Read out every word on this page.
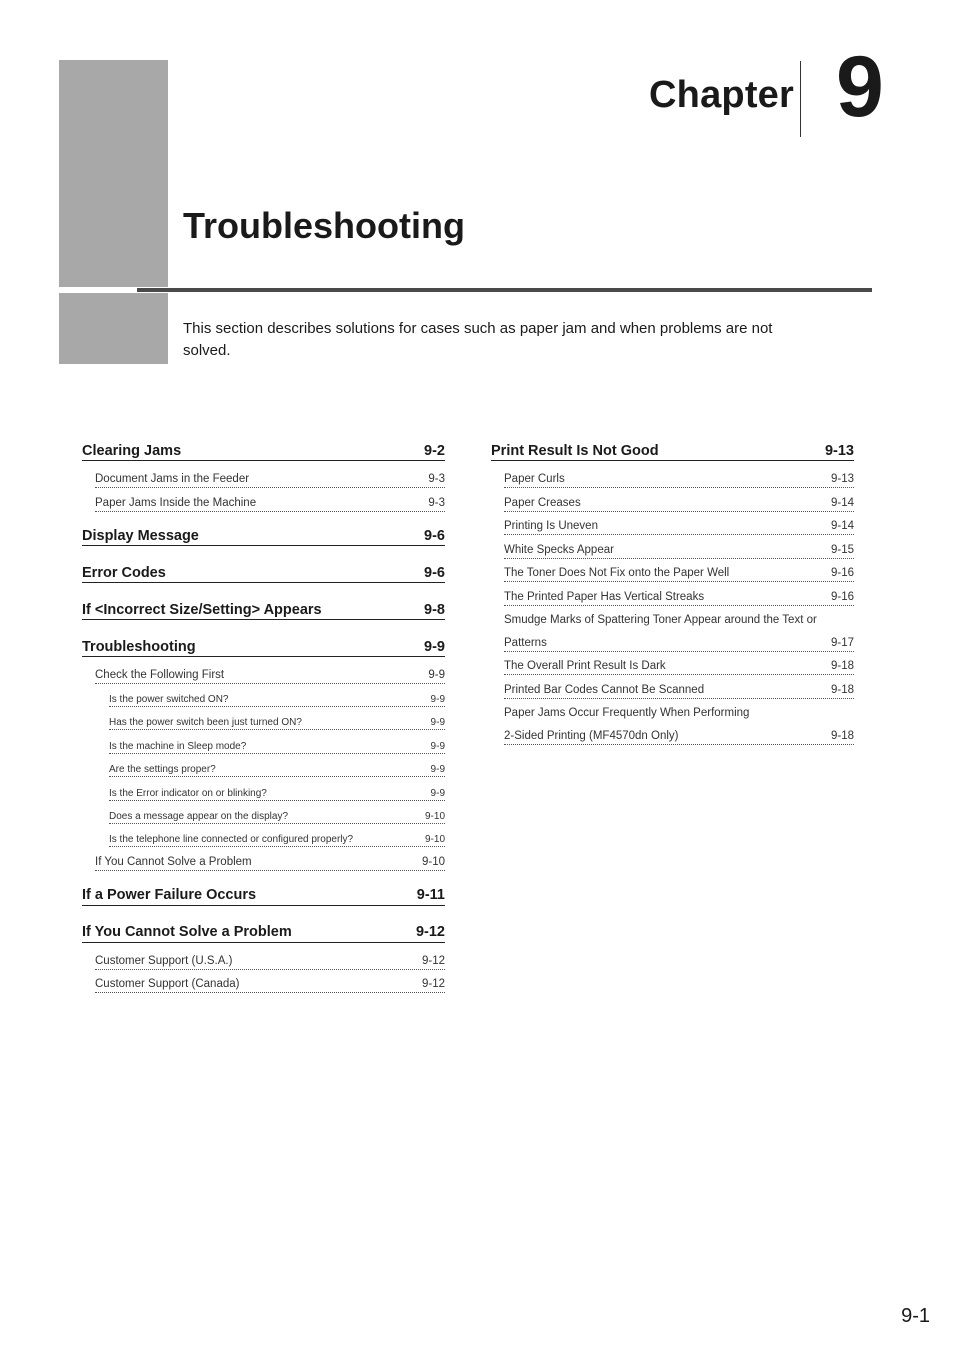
Chapter 9
Troubleshooting

This section describes solutions for cases such as paper jam and when problems are not solved.

Clearing Jams	9-2
Document Jams in the Feeder	9-3
Paper Jams Inside the Machine	9-3
Display Message	9-6
Error Codes	9-6
If <Incorrect Size/Setting> Appears	9-8
Troubleshooting	9-9
Check the Following First	9-9
Is the power switched ON?	9-9
Has the power switch been just turned ON?	9-9
Is the machine in Sleep mode?	9-9
Are the settings proper?	9-9
Is the Error indicator on or blinking?	9-9
Does a message appear on the display?	9-10
Is the telephone line connected or configured properly?	9-10
If You Cannot Solve a Problem	9-10
If a Power Failure Occurs	9-11
If You Cannot Solve a Problem	9-12
Customer Support (U.S.A.)	9-12
Customer Support (Canada)	9-12
Print Result Is Not Good	9-13
Paper Curls	9-13
Paper Creases	9-14
Printing Is Uneven	9-14
White Specks Appear	9-15
The Toner Does Not Fix onto the Paper Well	9-16
The Printed Paper Has Vertical Streaks	9-16
Smudge Marks of Spattering Toner Appear around the Text or
Patterns	9-17
The Overall Print Result Is Dark	9-18
Printed Bar Codes Cannot Be Scanned	9-18
Paper Jams Occur Frequently When Performing
2-Sided Printing (MF4570dn Only)	9-18
9-1
